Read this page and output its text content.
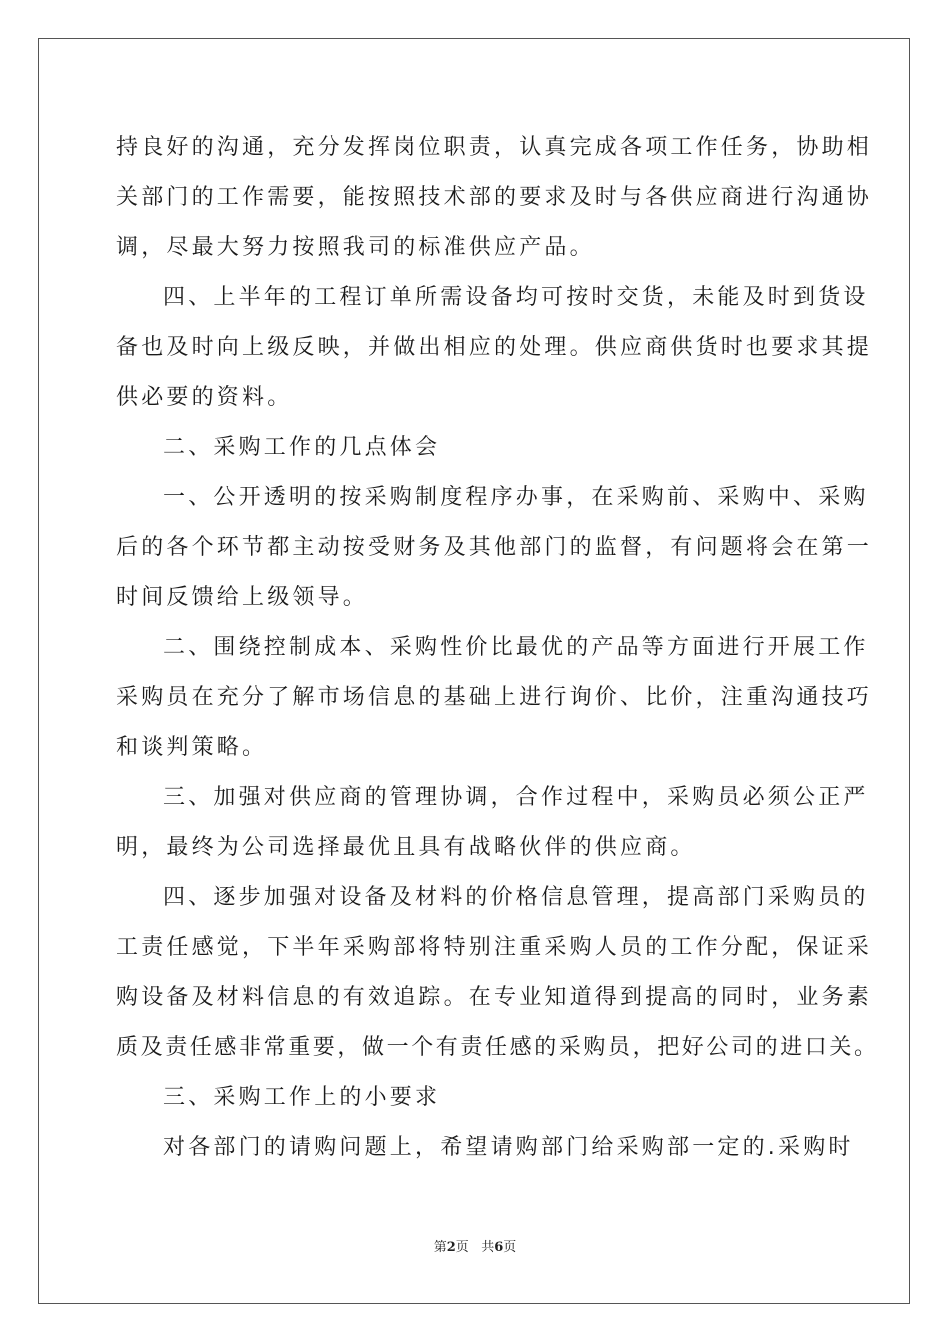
持良好的沟通，充分发挥岗位职责，认真完成各项工作任务，协助相

关部门的工作需要，能按照技术部的要求及时与各供应商进行沟通协

调，尽最大努力按照我司的标准供应产品。

四、上半年的工程订单所需设备均可按时交货，未能及时到货设

备也及时向上级反映，并做出相应的处理。供应商供货时也要求其提

供必要的资料。

二、采购工作的几点体会

一、公开透明的按采购制度程序办事，在采购前、采购中、采购

后的各个环节都主动按受财务及其他部门的监督，有问题将会在第一

时间反馈给上级领导。

二、围绕控制成本、采购性价比最优的产品等方面进行开展工作

采购员在充分了解市场信息的基础上进行询价、比价，注重沟通技巧

和谈判策略。

三、加强对供应商的管理协调，合作过程中，采购员必须公正严

明，最终为公司选择最优且具有战略伙伴的供应商。

四、逐步加强对设备及材料的价格信息管理，提高部门采购员的

工责任感觉，下半年采购部将特别注重采购人员的工作分配，保证采

购设备及材料信息的有效追踪。在专业知道得到提高的同时，业务素

质及责任感非常重要，做一个有责任感的采购员，把好公司的进口关。

三、采购工作上的小要求

对各部门的请购问题上，希望请购部门给采购部一定的.采购时

第2页   共6页
